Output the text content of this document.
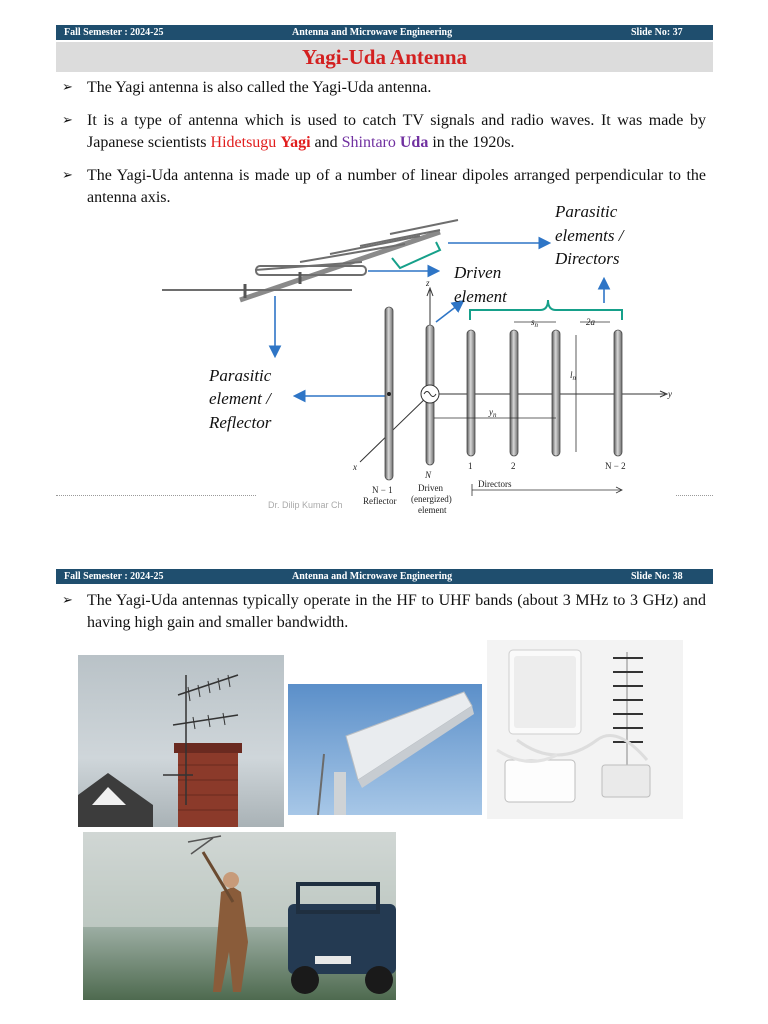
Fall Semester : 2024-25	Antenna and Microwave Engineering	Slide No: 37
Yagi-Uda Antenna
➢ The Yagi antenna is also called the Yagi-Uda antenna.
➢ It is a type of antenna which is used to catch TV signals and radio waves. It was made by Japanese scientists Hidetsugu Yagi and Shintaro Uda in the 1920s.
➢ The Yagi-Uda antenna is made up of a number of linear dipoles arranged perpendicular to the antenna axis.
Parasitic
elements /
Directors
Driven
element
Parasitic
element /
Reflector
z
y
x
$s_n$	2a
$l_n$
$y_n$
N − 1
Reflector
N
Driven
(energized)
element
1	2	N − 2
Directors
Dr. Dilip Kumar Ch
Fall Semester : 2024-25	Antenna and Microwave Engineering	Slide No: 38
➢ The Yagi-Uda antennas typically operate in the HF to UHF bands (about 3 MHz to 3 GHz) and having high gain and smaller bandwidth.
